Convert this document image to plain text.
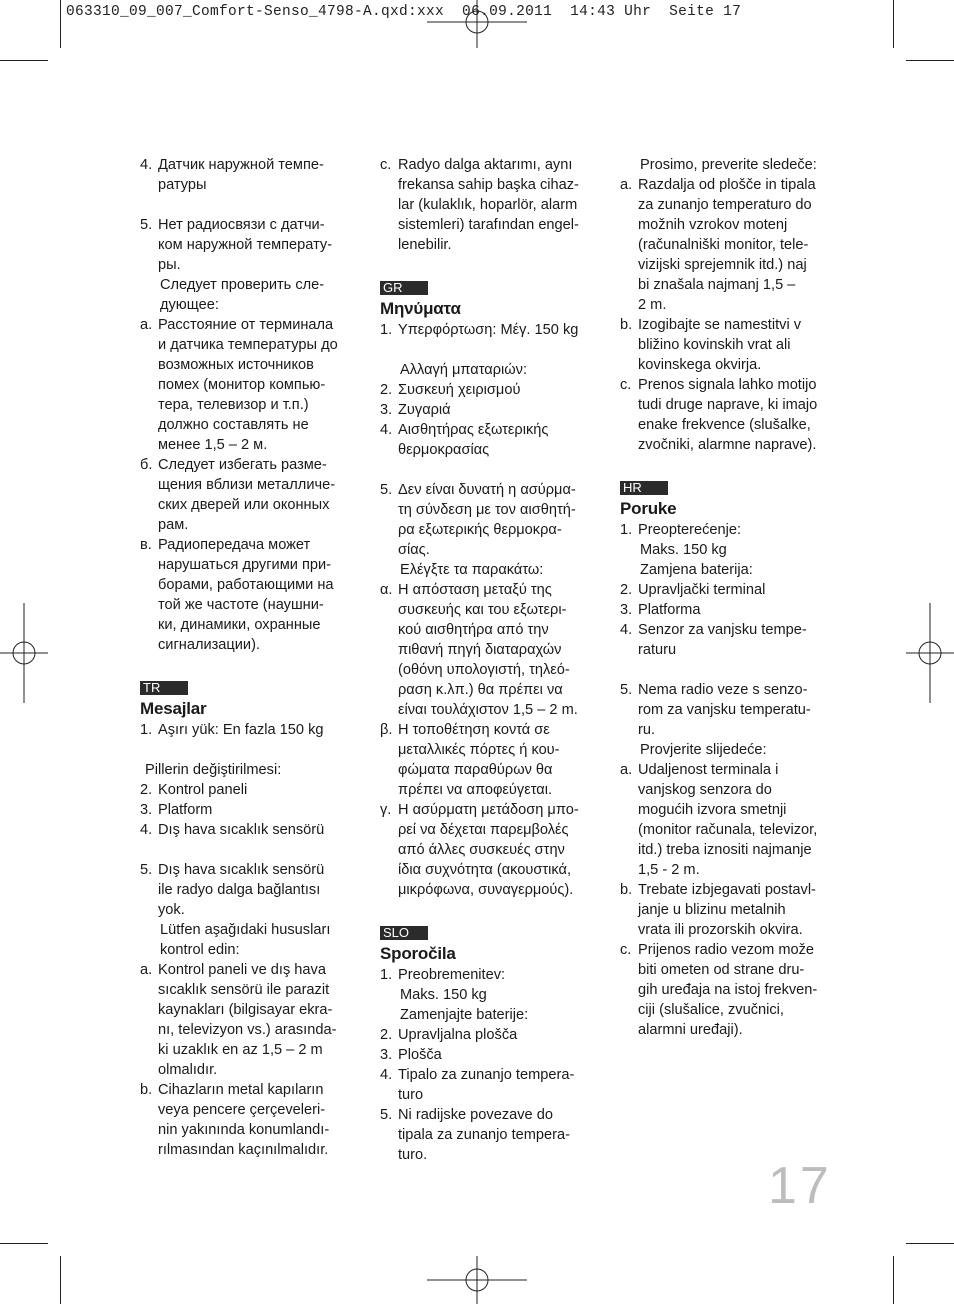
063310_09_007_Comfort-Senso_4798-A.qxd:xxx  06.09.2011  14:43 Uhr  Seite 17
4. Датчик наружной темпе-
ратуры
5. Нет радиосвязи с датчи-
ком наружной температу-
ры.
Следует проверить сле-
дующее:
а. Расстояние от терминала
и датчика температуры до
возможных источников
помех (монитор компью-
тера, телевизор и т.п.)
должно составлять не
менее 1,5 – 2 м.
б. Следует избегать разме-
щения вблизи металличе-
ских дверей или оконных
рам.
в. Радиопередача может
нарушаться другими при-
борами, работающими на
той же частоте (наушни-
ки, динамики, охранные
сигнализации).
TR
Mesajlar
1. Aşırı yük: En fazla 150 kg
Pillerin değiştirilmesi:
2. Kontrol paneli
3. Platform
4. Dış hava sıcaklık sensörü
5. Dış hava sıcaklık sensörü
ile radyo dalga bağlantısı
yok.
Lütfen aşağıdaki hususları
kontrol edin:
a. Kontrol paneli ve dış hava
sıcaklık sensörü ile parazit
kaynakları (bilgisayar ekra-
nı, televizyon vs.) arasında-
ki uzaklık en az 1,5 – 2 m
olmalıdır.
b. Cihazların metal kapıların
veya pencere çerçeveleri-
nin yakınında konumlandı-
rılmasından kaçınılmalıdır.
c. Radyo dalga aktarımı, aynı
frekansa sahip başka cihaz-
lar (kulaklık, hoparlör, alarm
sistemleri) tarafından engel-
lenebilir.
GR
Μηνύματα
1. Υπερφόρτωση: Μέγ. 150 kg
Αλλαγή μπαταριών:
2. Συσκευή χειρισμού
3. Ζυγαριά
4. Αισθητήρας εξωτερικής
θερμοκρασίας
5. Δεν είναι δυνατή η ασύρμα-
τη σύνδεση με τον αισθητή-
ρα εξωτερικής θερμοκρα-
σίας.
Ελέγξτε τα παρακάτω:
α. Η απόσταση μεταξύ της
συσκευής και του εξωτερι-
κού αισθητήρα από την
πιθανή πηγή διαταραχών
(οθόνη υπολογιστή, τηλεό-
ραση κ.λπ.) θα πρέπει να
είναι τουλάχιστον 1,5 – 2 m.
β. Η τοποθέτηση κοντά σε
μεταλλικές πόρτες ή κου-
φώματα παραθύρων θα
πρέπει να αποφεύγεται.
γ. Η ασύρματη μετάδοση μπο-
ρεί να δέχεται παρεμβολές
από άλλες συσκευές στην
ίδια συχνότητα (ακουστικά,
μικρόφωνα, συναγερμούς).
SLO
Sporočila
1. Preobremenitev:
Maks. 150 kg
Zamenjajte baterije:
2. Upravljalna plošča
3. Plošča
4. Tipalo za zunanjo tempera-
turo
5. Ni radijske povezave do
tipala za zunanjo tempera-
turo.
Prosimo, preverite sledeče:
a. Razdalja od plošče in tipala
za zunanjo temperaturo do
možnih vzrokov motenj
(računalniški monitor, tele-
vizijski sprejemnik itd.) naj
bi znašala najmanj 1,5 –
2 m.
b. Izogibajte se namestitvi v
bližino kovinskih vrat ali
kovinskega okvirja.
c. Prenos signala lahko motijo
tudi druge naprave, ki imajo
enake frekvence (slušalke,
zvočniki, alarmne naprave).
HR
Poruke
1. Preopterećenje:
Maks. 150 kg
Zamjena baterija:
2. Upravljački terminal
3. Platforma
4. Senzor za vanjsku tempe-
raturu
5. Nema radio veze s senzo-
rom za vanjsku temperatu-
ru.
Provjerite slijedeće:
a. Udaljenost terminala i
vanjskog senzora do
mogućih izvora smetnji
(monitor računala, televizor,
itd.) treba iznositi najmanje
1,5 - 2 m.
b. Trebate izbjegavati postavl-
janje u blizinu metalnih
vrata ili prozorskih okvira.
c. Prijenos radio vezom može
biti ometen od strane dru-
gih uređaja na istoj frekven-
ciji (slušalice, zvučnici,
alarmni uređaji).
17
